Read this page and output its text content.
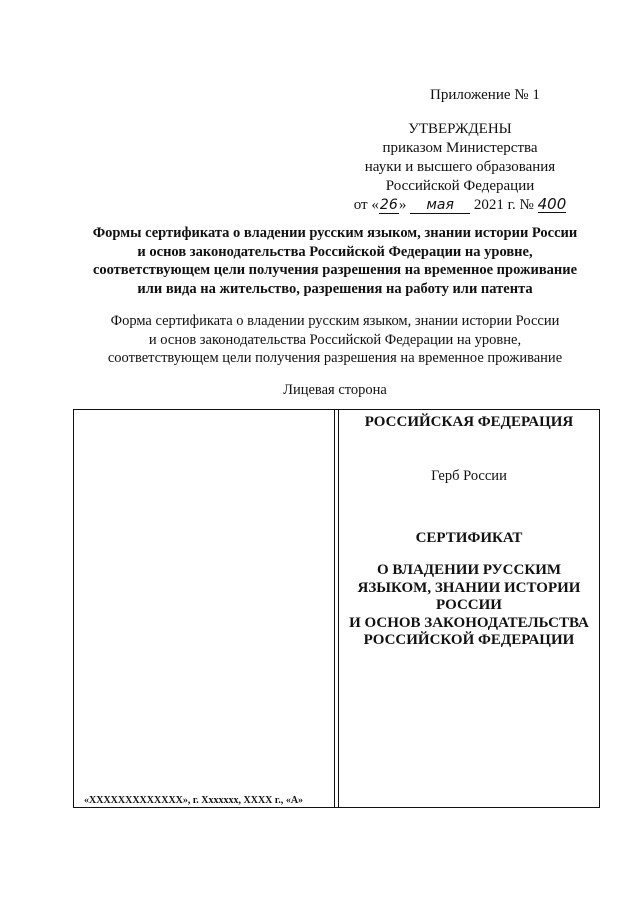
Приложение № 1
УТВЕРЖДЕНЫ
приказом Министерства
науки и высшего образования
Российской Федерации
от «26» мая 2021 г. № 400
Формы сертификата о владении русским языком, знании истории России
и основ законодательства Российской Федерации на уровне,
соответствующем цели получения разрешения на временное проживание
или вида на жительство, разрешения на работу или патента
Форма сертификата о владении русским языком, знании истории России
и основ законодательства Российской Федерации на уровне,
соответствующем цели получения разрешения на временное проживание
Лицевая сторона
«ХХХХХХХХХХХХХ», г. Хххxxxx, ХХХХ г., «А»
РОССИЙСКАЯ ФЕДЕРАЦИЯ
Герб России
СЕРТИФИКАТ
О ВЛАДЕНИИ РУССКИМ
ЯЗЫКОМ, ЗНАНИИ ИСТОРИИ
РОССИИ
И ОСНОВ ЗАКОНОДАТЕЛЬСТВА
РОССИЙСКОЙ ФЕДЕРАЦИИ
